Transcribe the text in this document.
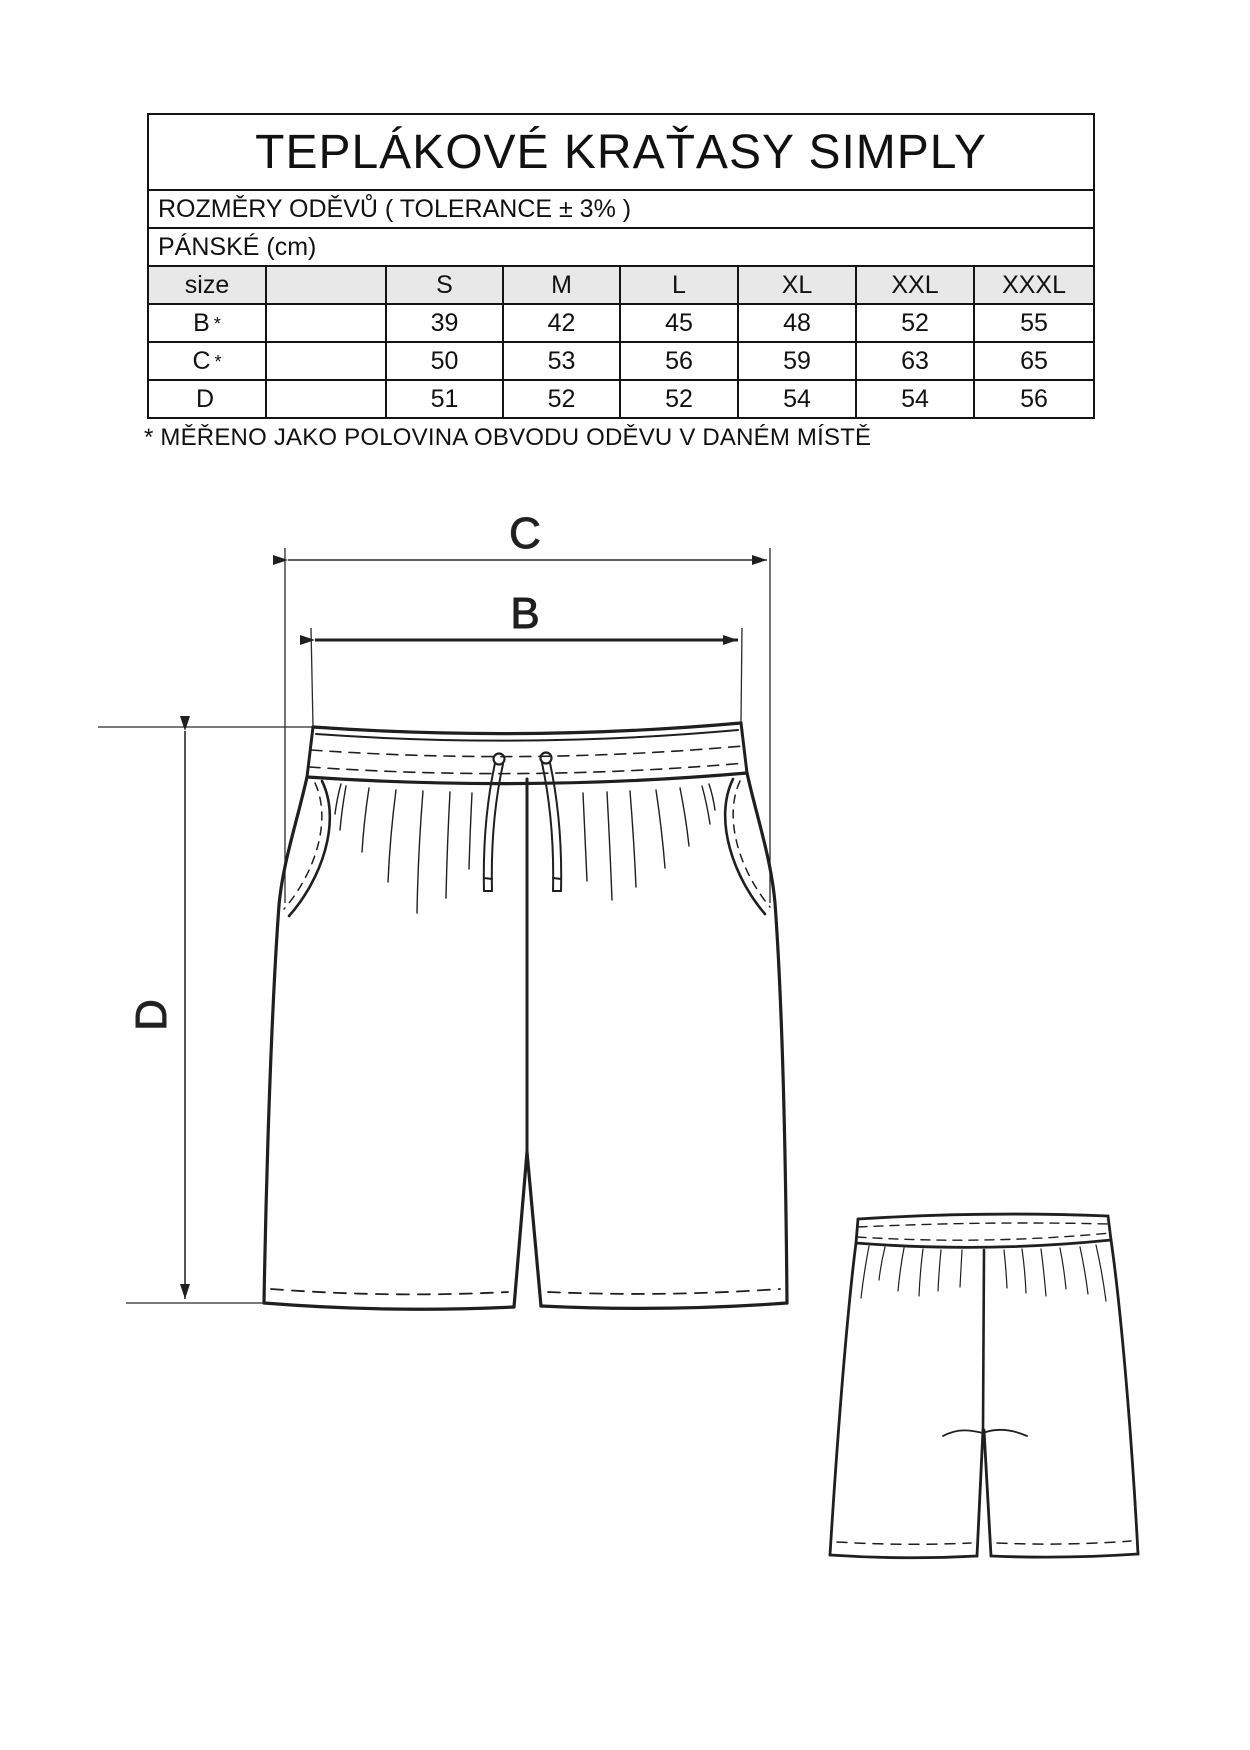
TEPLÁKOVÉ KRAŤASY SIMPLY							
ROZMĚRY ODĚVŮ ( TOLERANCE ± 3% )							
PÁNSKÉ (cm)							
size		S	M	L	XL	XXL	XXXL
B *		39	42	45	48	52	55
C *		50	53	56	59	63	65
D		51	52	52	54	54	56
* MĚŘENO JAKO POLOVINA OBVODU ODĚVU V DANÉM MÍSTĚ
C
B
D
